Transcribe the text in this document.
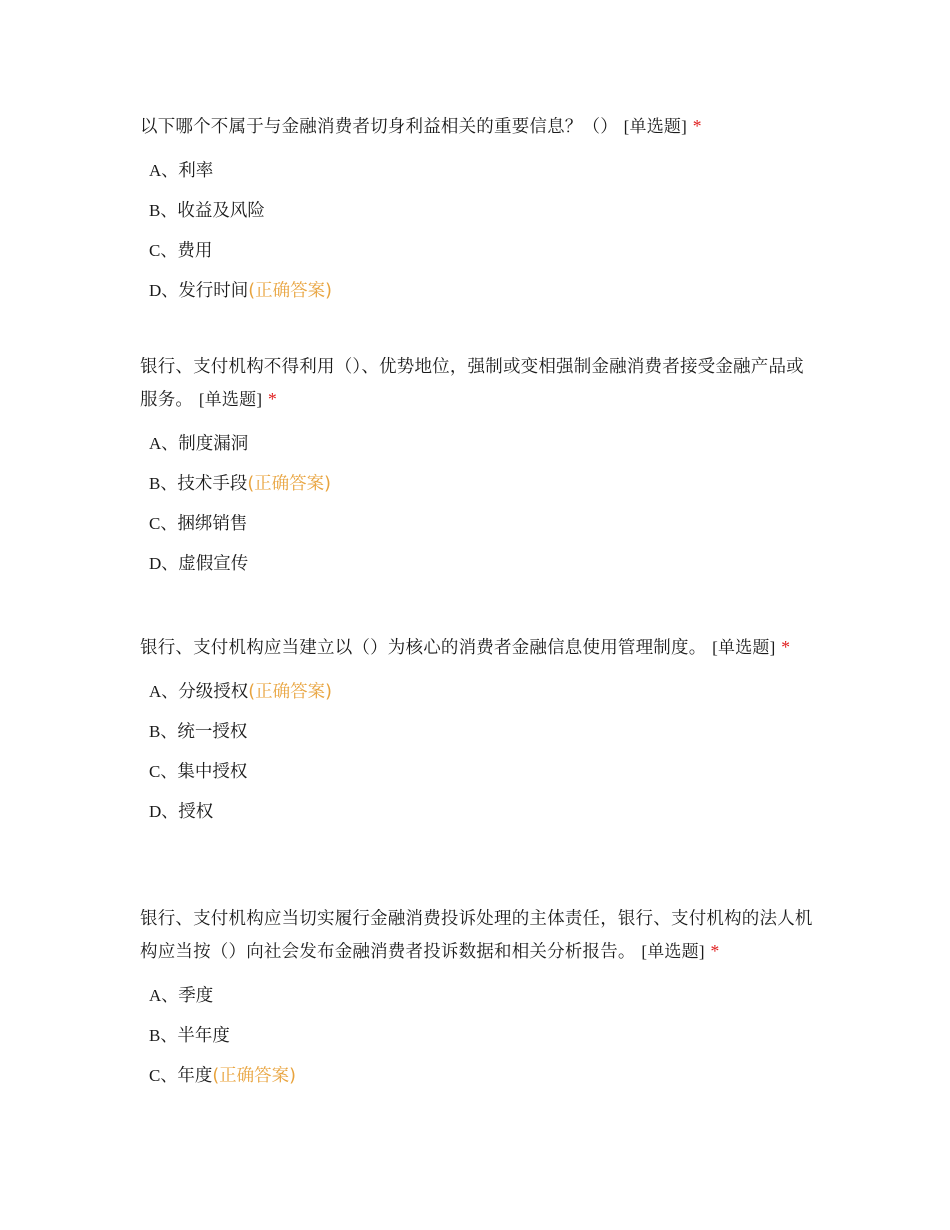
以下哪个不属于与金融消费者切身利益相关的重要信息？（） [单选题] *

A、利率
B、收益及风险
C、费用
D、发行时间(正确答案)

银行、支付机构不得利用（）、优势地位，强制或变相强制金融消费者接受金融产品或服务。 [单选题] *

A、制度漏洞
B、技术手段(正确答案)
C、捆绑销售
D、虚假宣传

银行、支付机构应当建立以（）为核心的消费者金融信息使用管理制度。 [单选题] *

A、分级授权(正确答案)
B、统一授权
C、集中授权
D、授权

银行、支付机构应当切实履行金融消费投诉处理的主体责任，银行、支付机构的法人机构应当按（）向社会发布金融消费者投诉数据和相关分析报告。 [单选题] *

A、季度
B、半年度
C、年度(正确答案)
